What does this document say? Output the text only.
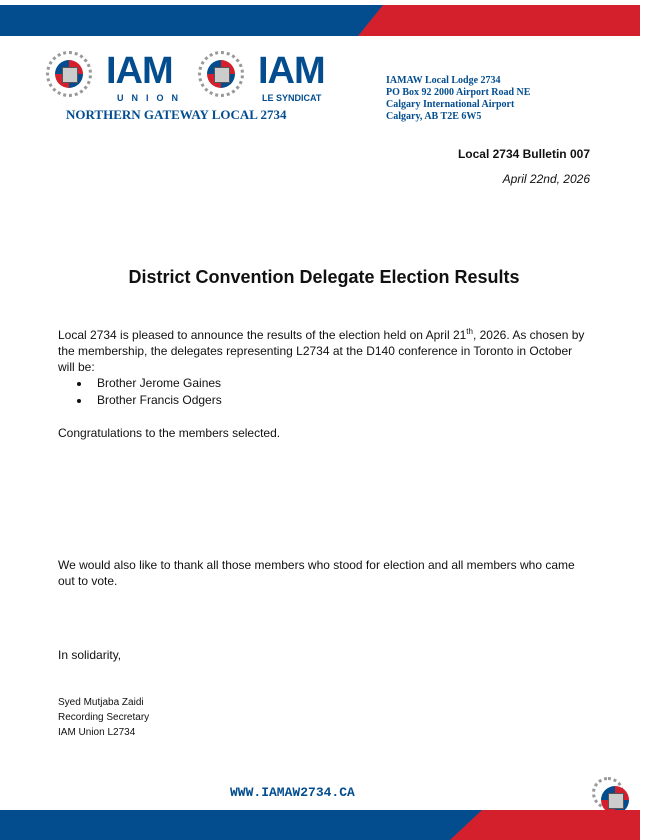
IAM
UNION
IAM
LE SYNDICAT
NORTHERN GATEWAY LOCAL 2734
IAMAW Local Lodge 2734
PO Box 92 2000 Airport Road NE
Calgary International Airport
Calgary, AB T2E 6W5
Local 2734 Bulletin 007
April 22nd, 2026
District Convention Delegate Election Results

Local 2734 is pleased to announce the results of the election held on April 21th, 2026. As chosen by the membership, the delegates representing L2734 at the D140 conference in Toronto in October will be:

Brother Jerome Gaines
Brother Francis Odgers

Congratulations to the members selected.

We would also like to thank all those members who stood for election and all members who came out to vote.

In solidarity,

Syed Mutjaba Zaidi
Recording Secretary
IAM Union L2734
WWW.IAMAW2734.CA
